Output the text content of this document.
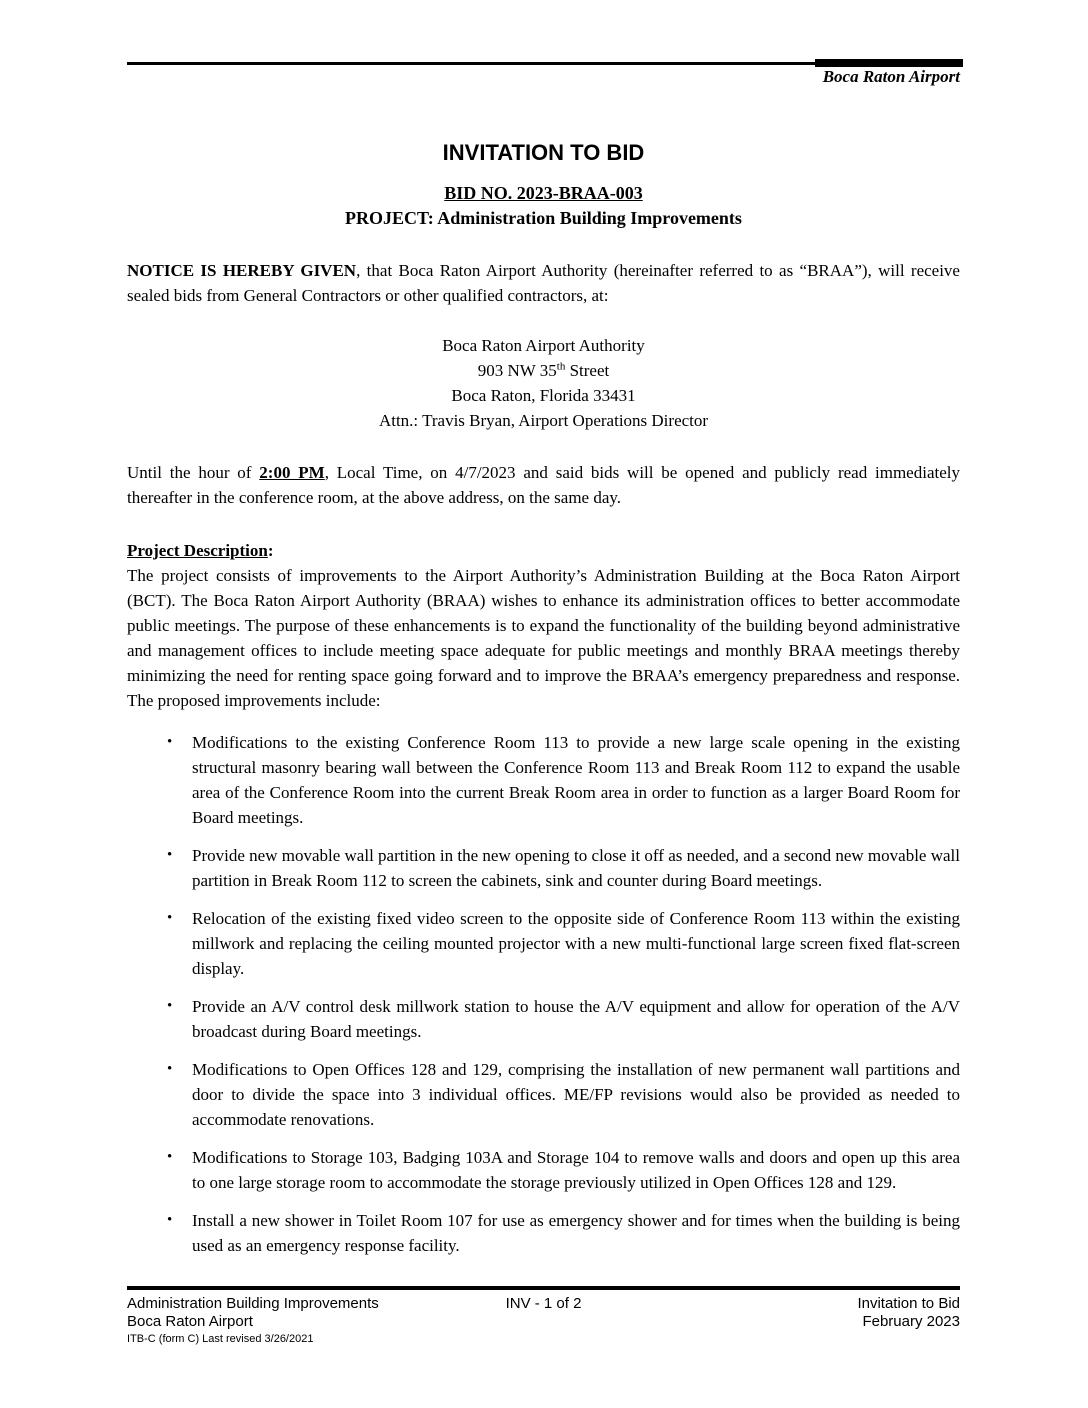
Boca Raton Airport
INVITATION TO BID
BID NO. 2023-BRAA-003
PROJECT: Administration Building Improvements

NOTICE IS HEREBY GIVEN, that Boca Raton Airport Authority (hereinafter referred to as “BRAA”), will receive sealed bids from General Contractors or other qualified contractors, at:

Boca Raton Airport Authority
903 NW 35th Street
Boca Raton, Florida 33431
Attn.: Travis Bryan, Airport Operations Director

Until the hour of 2:00 PM, Local Time, on 4/7/2023 and said bids will be opened and publicly read immediately thereafter in the conference room, at the above address, on the same day.

Project Description:

The project consists of improvements to the Airport Authority’s Administration Building at the Boca Raton Airport (BCT). The Boca Raton Airport Authority (BRAA) wishes to enhance its administration offices to better accommodate public meetings. The purpose of these enhancements is to expand the functionality of the building beyond administrative and management offices to include meeting space adequate for public meetings and monthly BRAA meetings thereby minimizing the need for renting space going forward and to improve the BRAA’s emergency preparedness and response. The proposed improvements include:

• Modifications to the existing Conference Room 113 to provide a new large scale opening in the existing structural masonry bearing wall between the Conference Room 113 and Break Room 112 to expand the usable area of the Conference Room into the current Break Room area in order to function as a larger Board Room for Board meetings.
• Provide new movable wall partition in the new opening to close it off as needed, and a second new movable wall partition in Break Room 112 to screen the cabinets, sink and counter during Board meetings.
• Relocation of the existing fixed video screen to the opposite side of Conference Room 113 within the existing millwork and replacing the ceiling mounted projector with a new multi-functional large screen fixed flat-screen display.
• Provide an A/V control desk millwork station to house the A/V equipment and allow for operation of the A/V broadcast during Board meetings.
• Modifications to Open Offices 128 and 129, comprising the installation of new permanent wall partitions and door to divide the space into 3 individual offices. ME/FP revisions would also be provided as needed to accommodate renovations.
• Modifications to Storage 103, Badging 103A and Storage 104 to remove walls and doors and open up this area to one large storage room to accommodate the storage previously utilized in Open Offices 128 and 129.
• Install a new shower in Toilet Room 107 for use as emergency shower and for times when the building is being used as an emergency response facility.
Administration Building Improvements
Boca Raton Airport
ITB-C (form C) Last revised 3/26/2021
INV - 1 of 2	Invitation to Bid
February 2023
